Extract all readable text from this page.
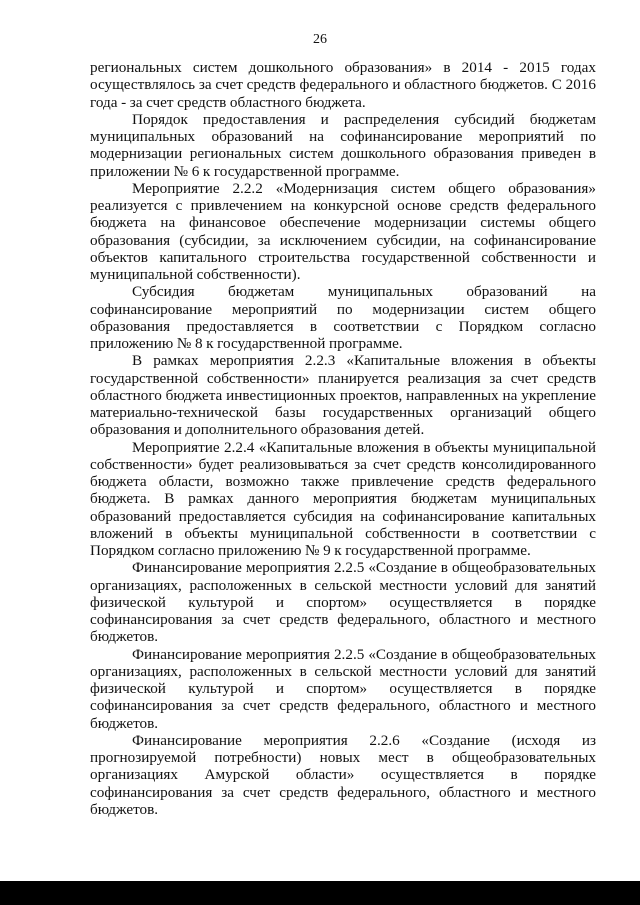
26

региональных систем дошкольного образования» в 2014 - 2015 годах осуществлялось за счет средств федерального и областного бюджетов. С 2016 года - за счет средств областного бюджета.

Порядок предоставления и распределения субсидий бюджетам муниципальных образований на софинансирование мероприятий по модернизации региональных систем дошкольного образования приведен в приложении № 6 к государственной программе.

Мероприятие 2.2.2 «Модернизация систем общего образования» реализуется с привлечением на конкурсной основе средств федерального бюджета на финансовое обеспечение модернизации системы общего образования (субсидии, за исключением субсидии, на софинансирование объектов капитального строительства государственной собственности и муниципальной собственности).

Субсидия бюджетам муниципальных образований на софинансирование мероприятий по модернизации систем общего образования предоставляется в соответствии с Порядком согласно приложению № 8 к государственной программе.

В рамках мероприятия 2.2.3 «Капитальные вложения в объекты государственной собственности» планируется реализация за счет средств областного бюджета инвестиционных проектов, направленных на укрепление материально-технической базы государственных организаций общего образования и дополнительного образования детей.

Мероприятие 2.2.4 «Капитальные вложения в объекты муниципальной собственности» будет реализовываться за счет средств консолидированного бюджета области, возможно также привлечение средств федерального бюджета. В рамках данного мероприятия бюджетам муниципальных образований предоставляется субсидия на софинансирование капитальных вложений в объекты муниципальной собственности в соответствии с Порядком согласно приложению № 9 к государственной программе.

Финансирование мероприятия 2.2.5 «Создание в общеобразовательных организациях, расположенных в сельской местности условий для занятий физической культурой и спортом» осуществляется в порядке софинансирования за счет средств федерального, областного и местного бюджетов.

Финансирование мероприятия 2.2.5 «Создание в общеобразовательных организациях, расположенных в сельской местности условий для занятий физической культурой и спортом» осуществляется в порядке софинансирования за счет средств федерального, областного и местного бюджетов.

Финансирование мероприятия 2.2.6 «Создание (исходя из прогнозируемой потребности) новых мест в общеобразовательных организациях Амурской области» осуществляется в порядке софинансирования за счет средств федерального, областного и местного бюджетов.
